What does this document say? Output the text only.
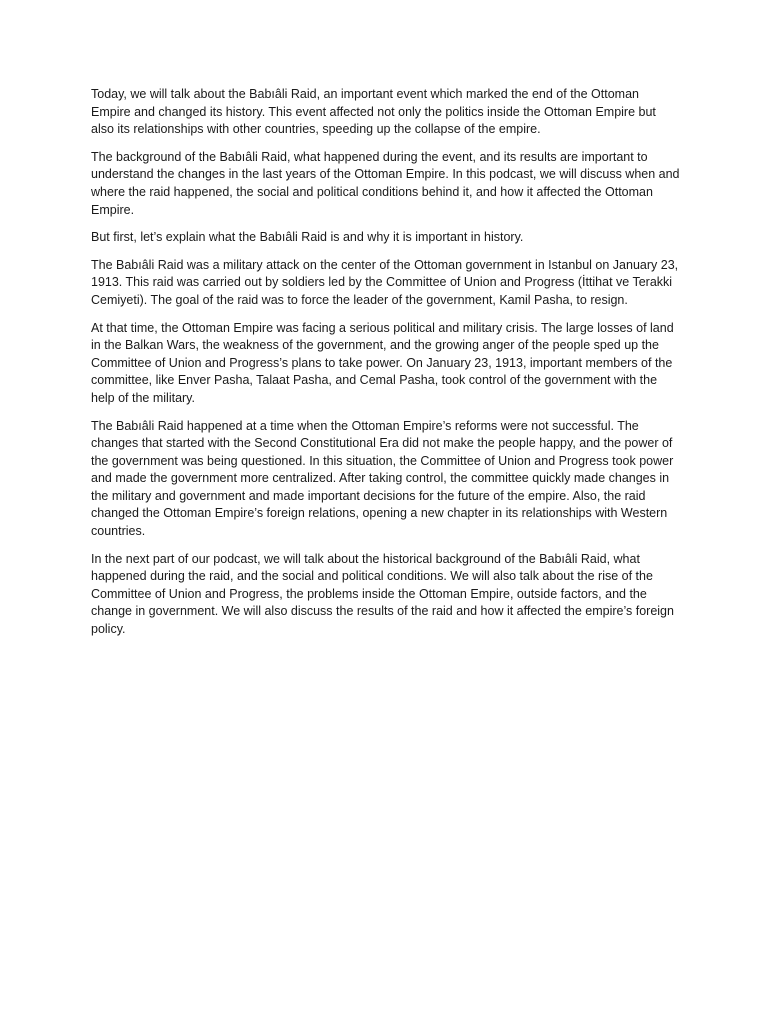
Today, we will talk about the Babıâli Raid, an important event which marked the end of the Ottoman Empire and changed its history. This event affected not only the politics inside the Ottoman Empire but also its relationships with other countries, speeding up the collapse of the empire.

The background of the Babıâli Raid, what happened during the event, and its results are important to understand the changes in the last years of the Ottoman Empire. In this podcast, we will discuss when and where the raid happened, the social and political conditions behind it, and how it affected the Ottoman Empire.

But first, let’s explain what the Babıâli Raid is and why it is important in history.

The Babıâli Raid was a military attack on the center of the Ottoman government in Istanbul on January 23, 1913. This raid was carried out by soldiers led by the Committee of Union and Progress (İttihat ve Terakki Cemiyeti). The goal of the raid was to force the leader of the government, Kamil Pasha, to resign.

At that time, the Ottoman Empire was facing a serious political and military crisis. The large losses of land in the Balkan Wars, the weakness of the government, and the growing anger of the people sped up the Committee of Union and Progress’s plans to take power. On January 23, 1913, important members of the committee, like Enver Pasha, Talaat Pasha, and Cemal Pasha, took control of the government with the help of the military.

The Babıâli Raid happened at a time when the Ottoman Empire’s reforms were not successful. The changes that started with the Second Constitutional Era did not make the people happy, and the power of the government was being questioned. In this situation, the Committee of Union and Progress took power and made the government more centralized. After taking control, the committee quickly made changes in the military and government and made important decisions for the future of the empire. Also, the raid changed the Ottoman Empire’s foreign relations, opening a new chapter in its relationships with Western countries.

In the next part of our podcast, we will talk about the historical background of the Babıâli Raid, what happened during the raid, and the social and political conditions. We will also talk about the rise of the Committee of Union and Progress, the problems inside the Ottoman Empire, outside factors, and the change in government. We will also discuss the results of the raid and how it affected the empire’s foreign policy.
